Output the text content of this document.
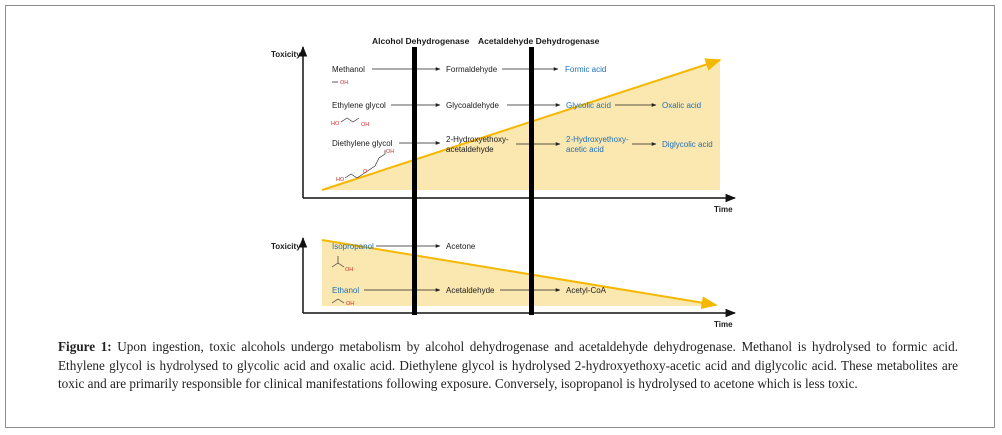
Toxicity
Time
Toxicity
Time
Alcohol Dehydrogenase Acetaldehyde Dehydrogenase
Methanol
OH
Formaldehyde	Formic acid
Ethylene glycol
HO	OH
Glycoaldehyde	Glycolic acid	Oxalic acid
Diethylene glycol
HO
O
OH
2-Hydroxyethoxy-
acetaldehyde
2-Hydroxyethoxy-
acetic acid
Diglycolic acid
Isopropanol
OH
Acetone
Ethanol
OH
Acetaldehyde	Acetyl-CoA
Figure 1: Upon ingestion, toxic alcohols undergo metabolism by alcohol dehydrogenase and acetaldehyde dehydrogenase. Methanol is hydrolysed to formic acid. Ethylene glycol is hydrolysed to glycolic acid and oxalic acid. Diethylene glycol is hydrolysed 2-hydroxyethoxy-acetic acid and diglycolic acid. These metabolites are toxic and are primarily responsible for clinical manifestations following exposure. Conversely, isopropanol is hydrolysed to acetone which is less toxic.
